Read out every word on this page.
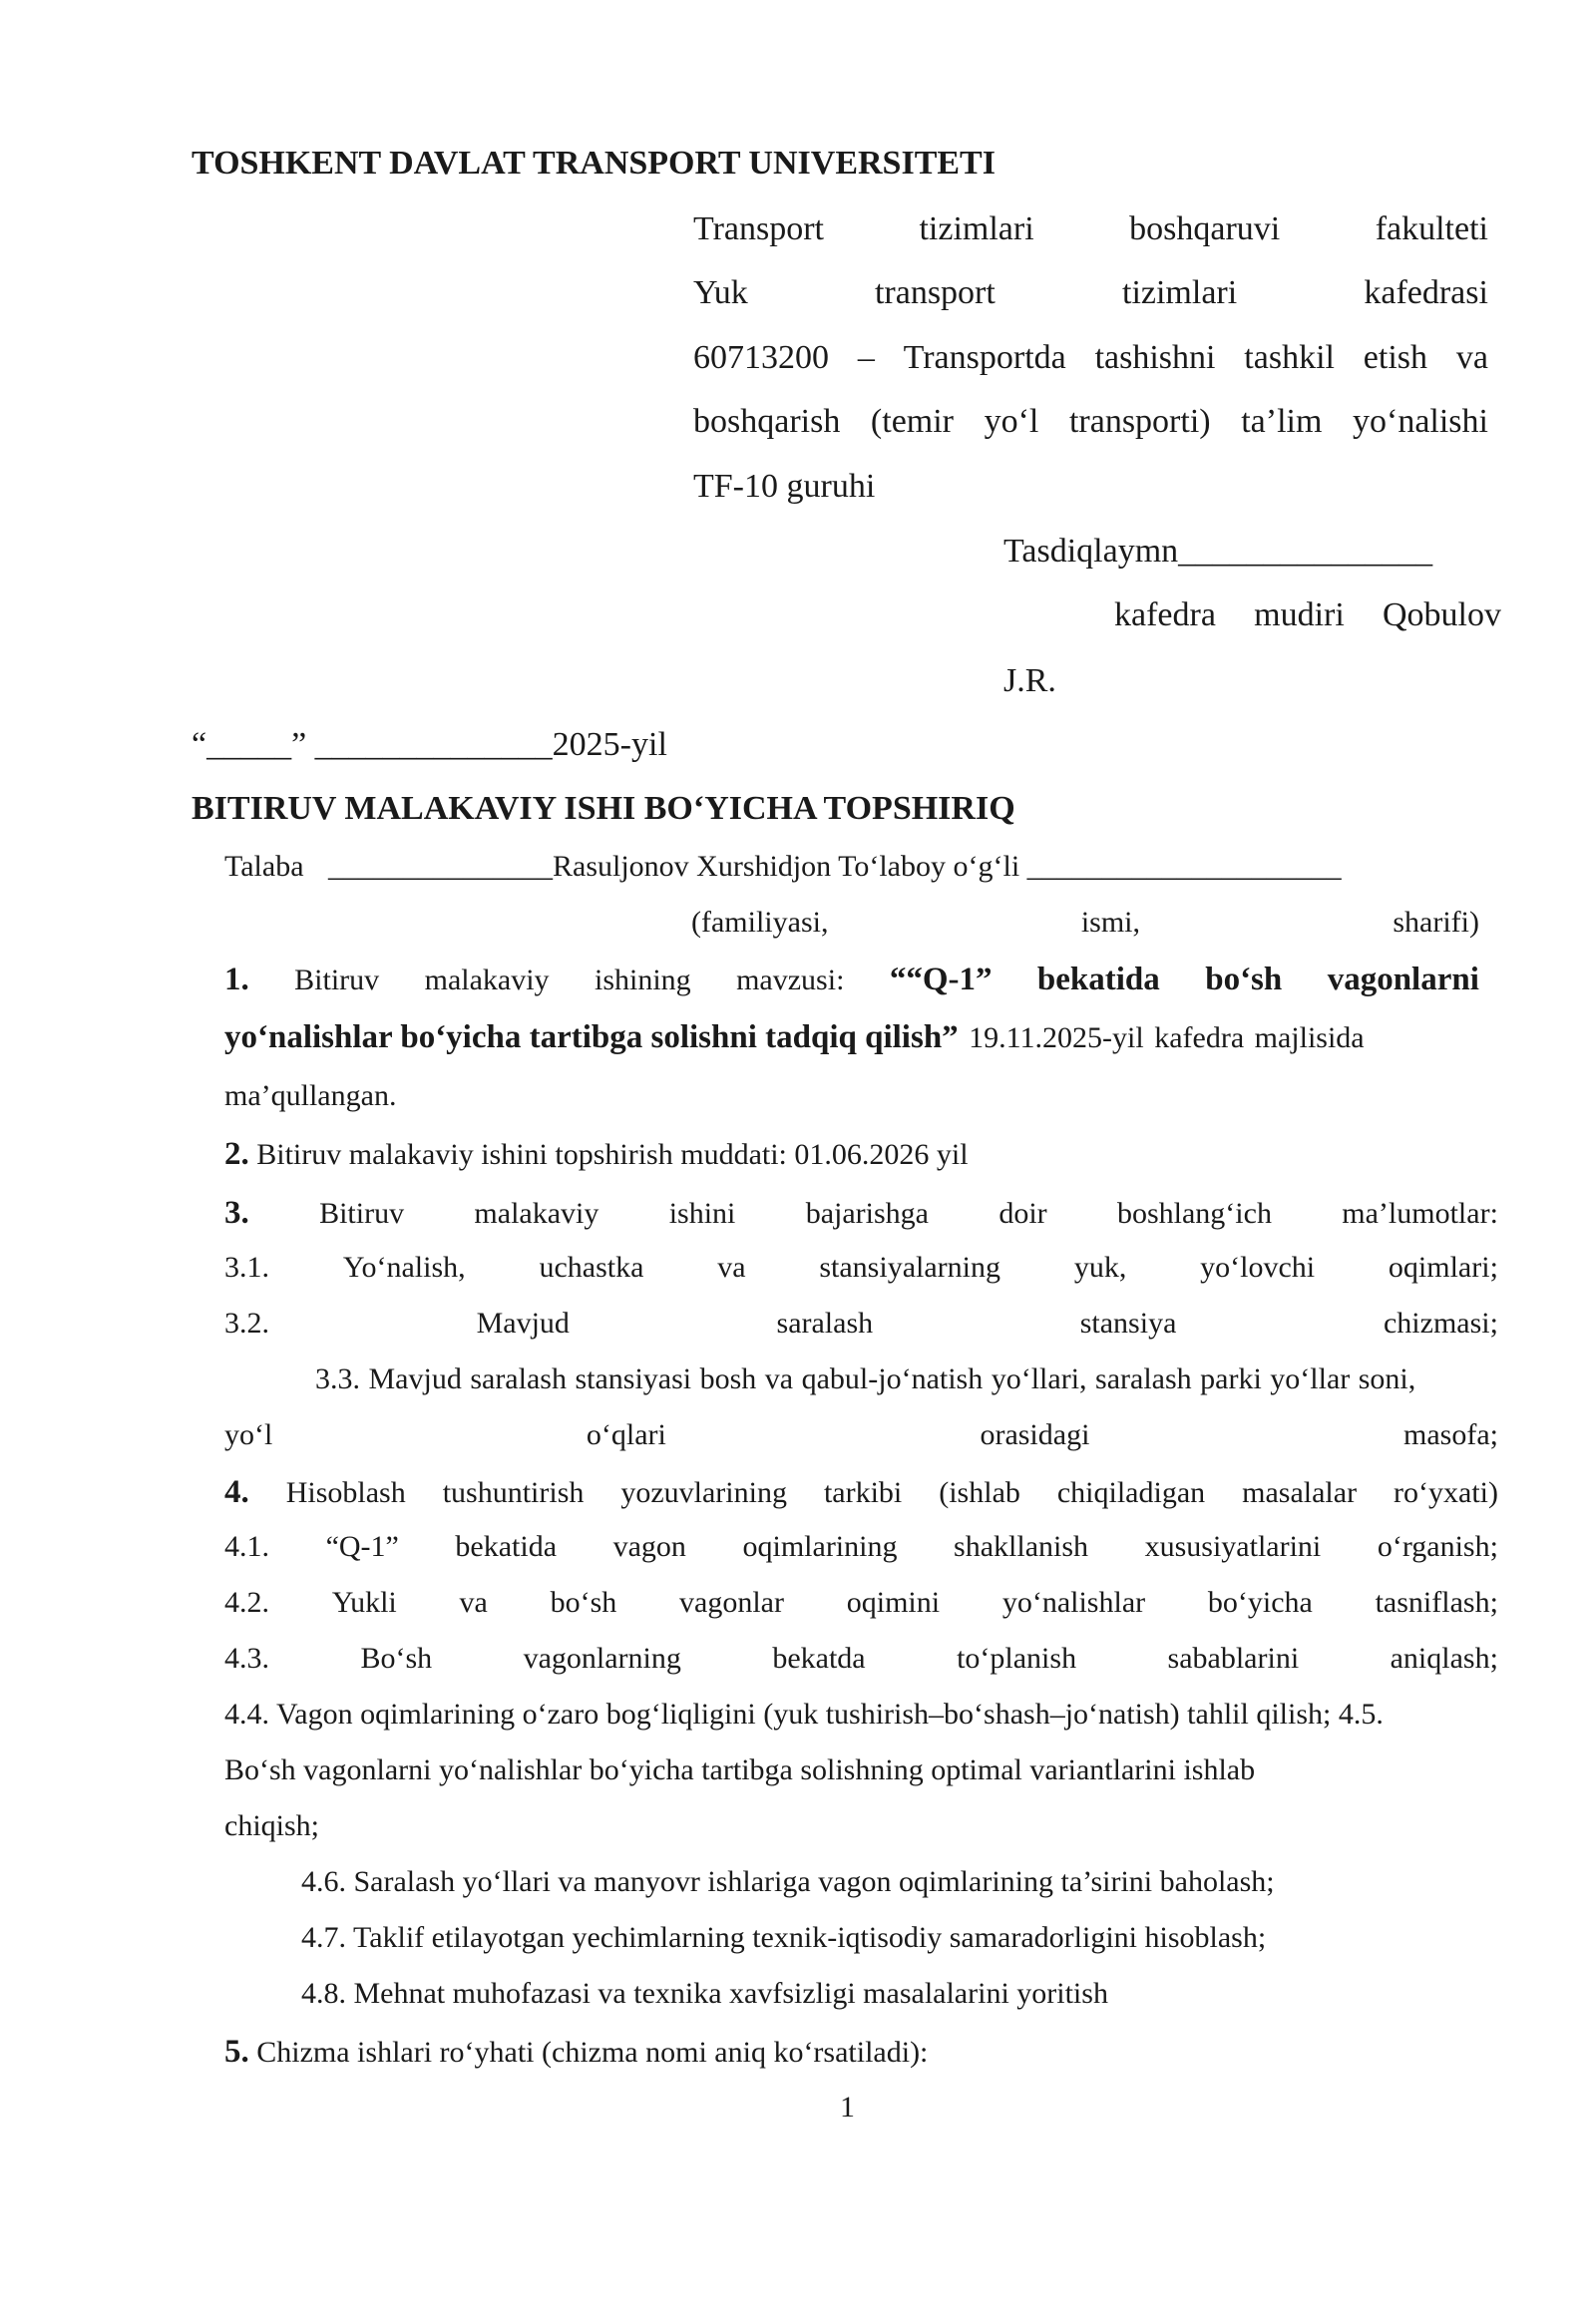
TOSHKENT DAVLAT TRANSPORT UNIVERSITETI
Transport	tizimlari	boshqaruvi	fakulteti
Yuk	transport	tizimlari	kafedrasi
60713200 – Transportda tashishni tashkil etish va
boshqarish (temir yo‘l transporti) ta’lim yo‘nalishi
TF-10 guruhi
Tasdiqlaymn_______________
kafedra mudiri Qobulov
J.R.
“_____” ______________2025-yil
BITIRUV MALAKAVIY ISHI BO‘YICHA TOPSHIRIQ
Talaba _______________Rasuljonov Xurshidjon To‘laboy o‘g‘li _____________________
(familiyasi,	ismi,	sharifi)
1. Bitiruv malakaviy ishining mavzusi: ““Q-1” bekatida bo‘sh vagonlarni
yo‘nalishlar bo‘yicha tartibga solishni tadqiq qilish” 19.11.2025-yil kafedra majlisida
ma’qullangan.
2. Bitiruv malakaviy ishini topshirish muddati: 01.06.2026 yil
3. Bitiruv malakaviy ishini bajarishga doir boshlang‘ich ma’lumotlar:
3.1. Yo‘nalish, uchastka va stansiyalarning yuk, yo‘lovchi oqimlari;
3.2.	Mavjud	saralash	stansiya	chizmasi;
3.3. Mavjud saralash stansiyasi bosh va qabul-jo‘natish yo‘llari, saralash parki yo‘llar soni,
yo‘l	o‘qlari	orasidagi	masofa;
4. Hisoblash tushuntirish yozuvlarining tarkibi (ishlab chiqiladigan masalalar ro‘yxati)
4.1. “Q-1” bekatida vagon oqimlarining shakllanish xususiyatlarini o‘rganish;
4.2. Yukli va bo‘sh vagonlar oqimini yo‘nalishlar bo‘yicha tasniflash;
4.3.	Bo‘sh	vagonlarning	bekatda	to‘planish	sabablarini	aniqlash;
4.4. Vagon oqimlarining o‘zaro bog‘liqligini (yuk tushirish–bo‘shash–jo‘natish) tahlil qilish; 4.5.
Bo‘sh vagonlarni yo‘nalishlar bo‘yicha tartibga solishning optimal variantlarini ishlab
chiqish;
4.6. Saralash yo‘llari va manyovr ishlariga vagon oqimlarining ta’sirini baholash;
4.7. Taklif etilayotgan yechimlarning texnik-iqtisodiy samaradorligini hisoblash;
4.8. Mehnat muhofazasi va texnika xavfsizligi masalalarini yoritish
5. Chizma ishlari ro‘yhati (chizma nomi aniq ko‘rsatiladi):
1
